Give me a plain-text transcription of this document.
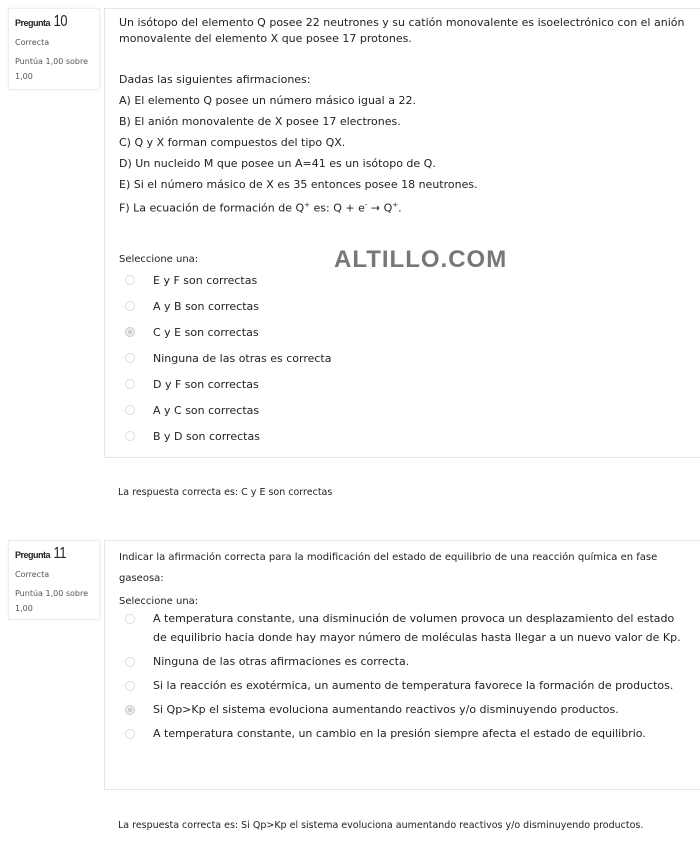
Pregunta 10
Correcta
Puntúa 1,00 sobre 1,00

Un isótopo del elemento Q posee 22 neutrones y su catión monovalente es isoelectrónico con el anión monovalente del elemento X que posee 17 protones.

Dadas las siguientes afirmaciones:

A) El elemento Q posee un número másico igual a 22.

B) El anión monovalente de X posee 17 electrones.

C) Q y X forman compuestos del tipo QX.

D) Un nucleido M que posee un A=41 es un isótopo de Q.

E) Si el número másico de X es 35 entonces posee 18 neutrones.

F) La ecuación de formación de Q+ es: Q + e- → Q+.

Seleccione una:

E y F son correctas
A y B son correctas
C y E son correctas
Ninguna de las otras es correcta
D y F son correctas
A y C son correctas
B y D son correctas
ALTILLO.COM
La respuesta correcta es: C y E son correctas
Pregunta 11
Correcta
Puntúa 1,00 sobre 1,00

Indicar la afirmación correcta para la modificación del estado de equilibrio de una reacción química en fase gaseosa:

Seleccione una:

A temperatura constante, una disminución de volumen provoca un desplazamiento del estado de equilibrio hacia donde hay mayor número de moléculas hasta llegar a un nuevo valor de Kp.
Ninguna de las otras afirmaciones es correcta.
Si la reacción es exotérmica, un aumento de temperatura favorece la formación de productos.
Si Qp>Kp el sistema evoluciona aumentando reactivos y/o disminuyendo productos.
A temperatura constante, un cambio en la presión siempre afecta el estado de equilibrio.
La respuesta correcta es: Si Qp>Kp el sistema evoluciona aumentando reactivos y/o disminuyendo productos.
